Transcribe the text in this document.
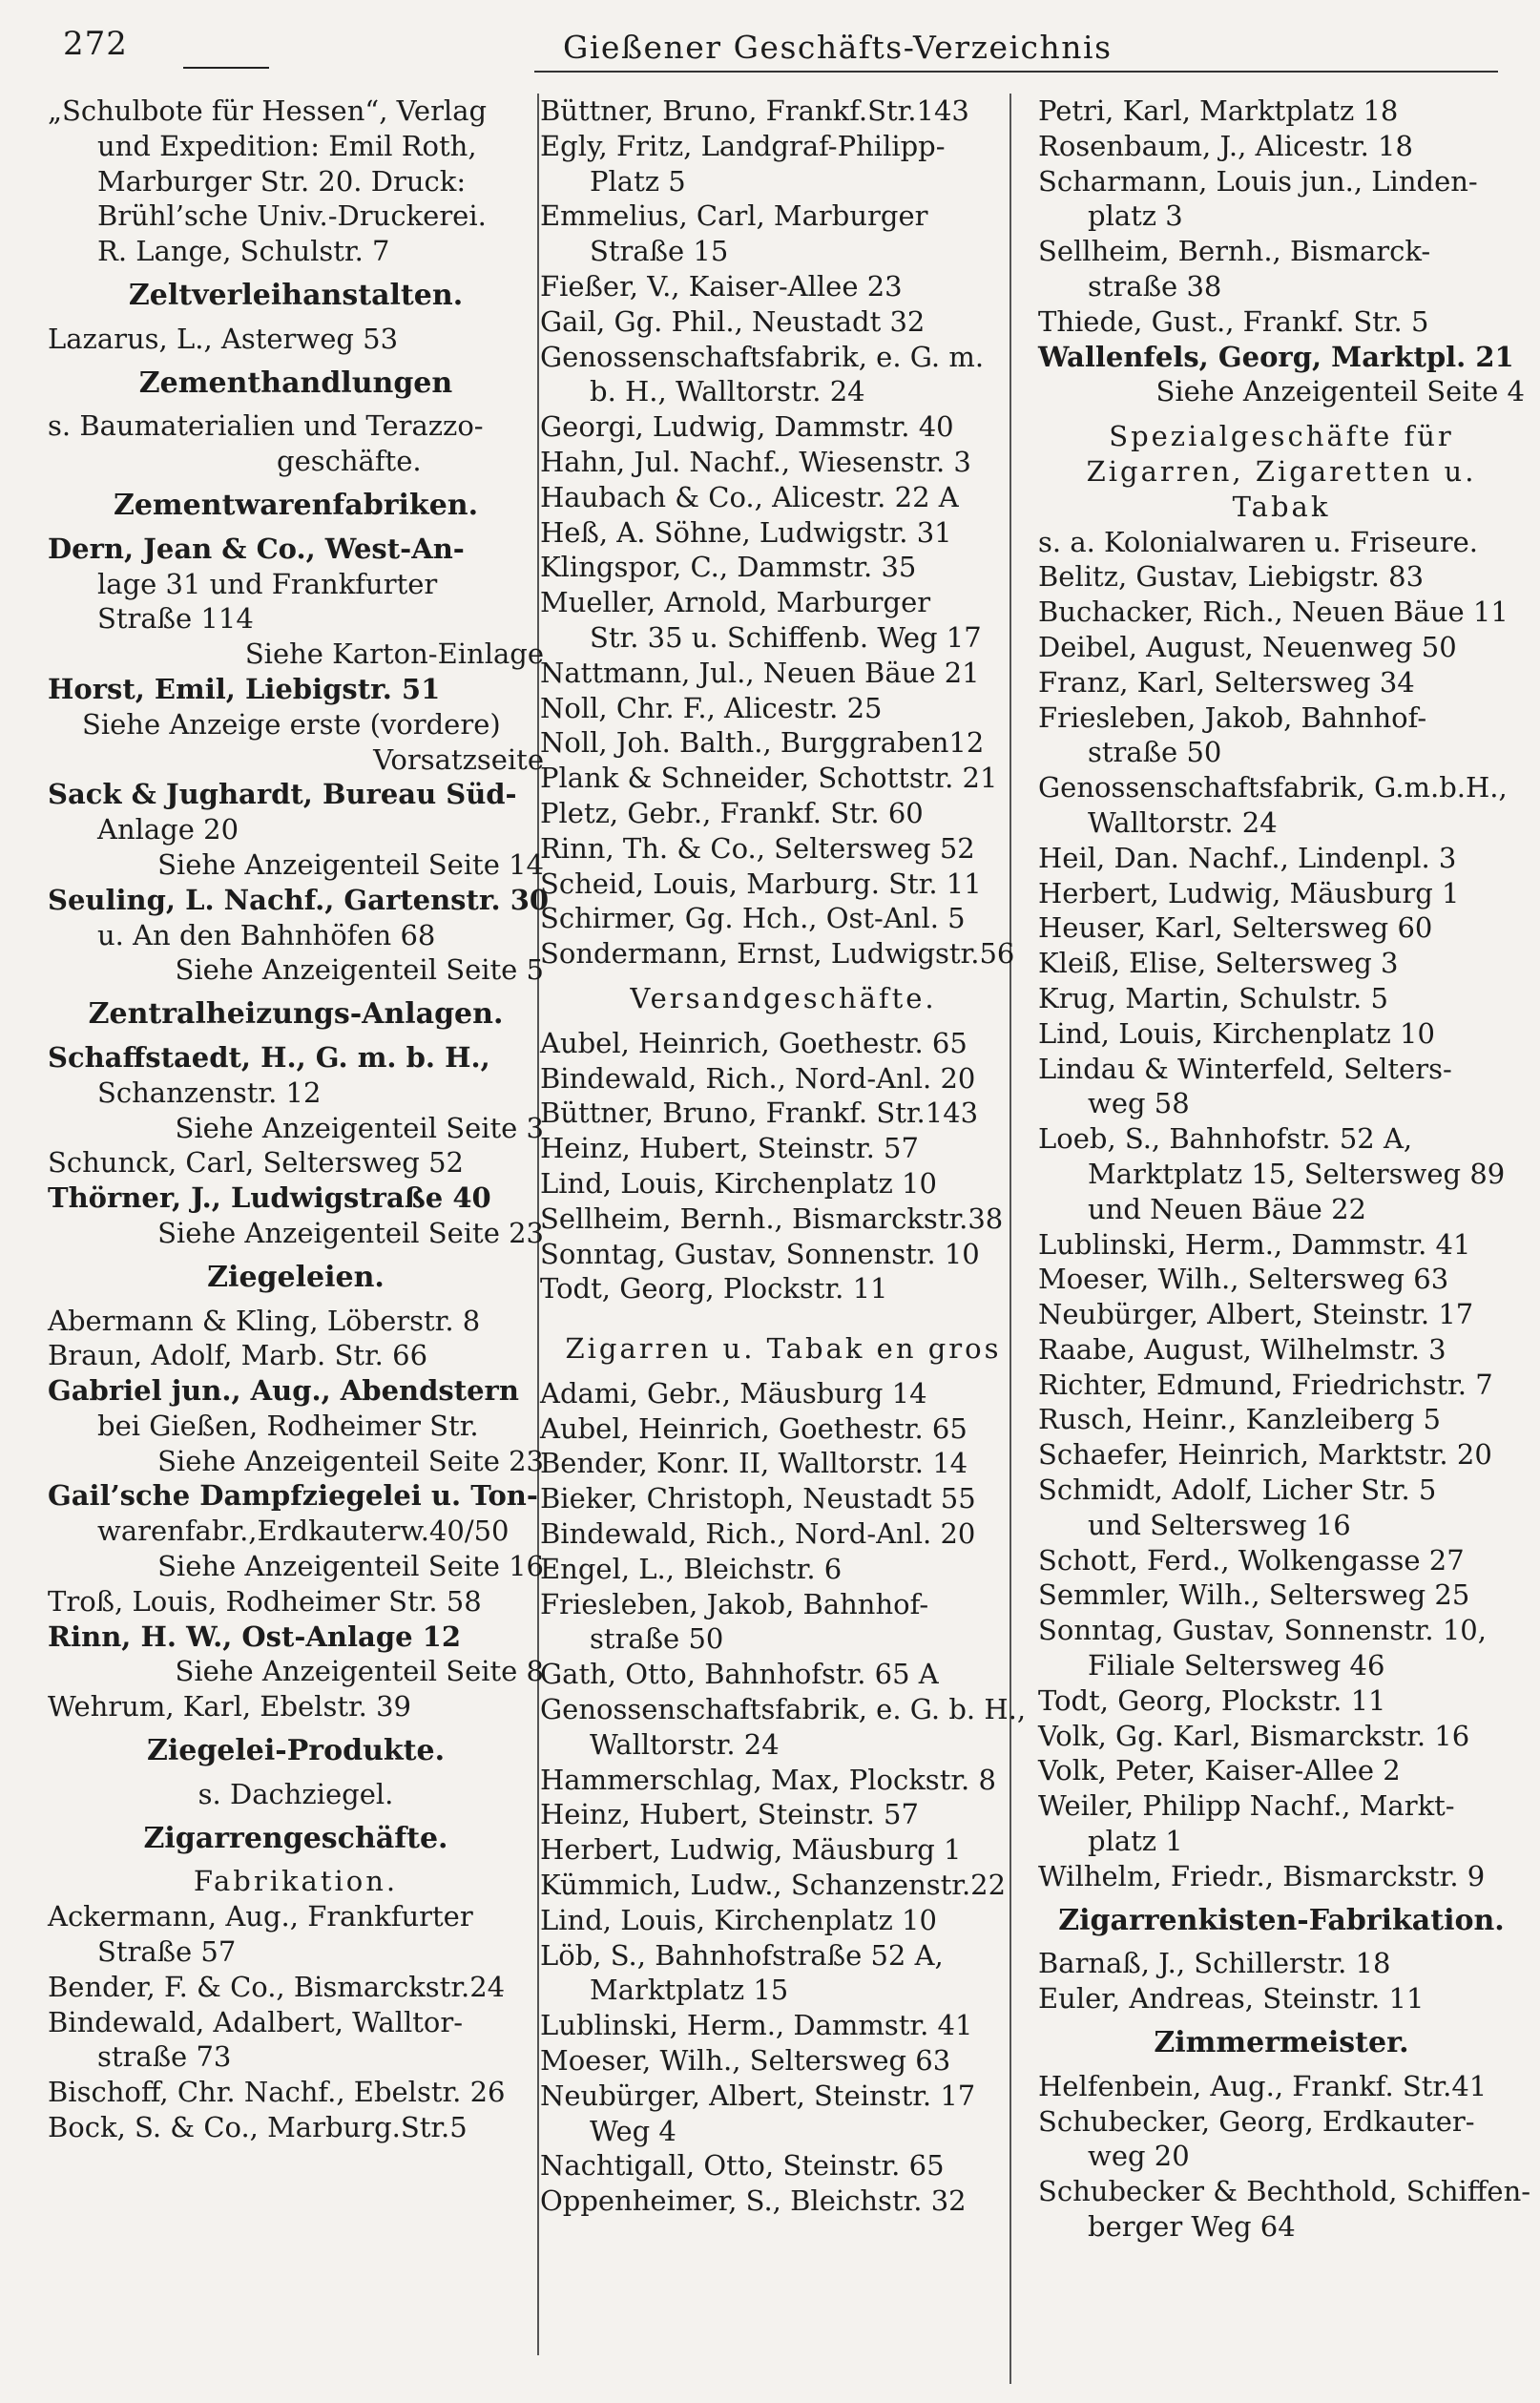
272	Gießener Geschäfts-Verzeichnis
„Schulbote für Hessen“, Verlag
und Expedition: Emil Roth,
Marburger Str. 20. Druck:
Brühl’sche Univ.-Druckerei.
R. Lange, Schulstr. 7
Zeltverleihanstalten.
Lazarus, L., Asterweg 53
Zementhandlungen
s. Baumaterialien und Terazzo-
geschäfte.
Zementwarenfabriken.
Dern, Jean & Co., West-An-
lage 31 und Frankfurter
Straße 114
Siehe Karton-Einlage
Horst, Emil, Liebigstr. 51
Siehe Anzeige erste (vordere)
Vorsatzseite
Sack & Jughardt, Bureau Süd-
Anlage 20
Siehe Anzeigenteil Seite 14
Seuling, L. Nachf., Gartenstr. 30
u. An den Bahnhöfen 68
Siehe Anzeigenteil Seite 5
Zentralheizungs-Anlagen.
Schaffstaedt, H., G. m. b. H.,
Schanzenstr. 12
Siehe Anzeigenteil Seite 3
Schunck, Carl, Seltersweg 52
Thörner, J., Ludwigstraße 40
Siehe Anzeigenteil Seite 23
Ziegeleien.
Abermann & Kling, Löberstr. 8
Braun, Adolf, Marb. Str. 66
Gabriel jun., Aug., Abendstern
bei Gießen, Rodheimer Str.
Siehe Anzeigenteil Seite 23
Gail’sche Dampfziegelei u. Ton-
warenfabr.,Erdkauterw.40/50
Siehe Anzeigenteil Seite 16
Troß, Louis, Rodheimer Str. 58
Rinn, H. W., Ost-Anlage 12
Siehe Anzeigenteil Seite 8
Wehrum, Karl, Ebelstr. 39
Ziegelei-Produkte.
s. Dachziegel.
Zigarrengeschäfte.
Fabrikation.
Ackermann, Aug., Frankfurter
Straße 57
Bender, F. & Co., Bismarckstr.24
Bindewald, Adalbert, Walltor-
straße 73
Bischoff, Chr. Nachf., Ebelstr. 26
Bock, S. & Co., Marburg.Str.5
Büttner, Bruno, Frankf.Str.143
Egly, Fritz, Landgraf-Philipp-
Platz 5
Emmelius, Carl, Marburger
Straße 15
Fießer, V., Kaiser-Allee 23
Gail, Gg. Phil., Neustadt 32
Genossenschaftsfabrik, e. G. m.
b. H., Walltorstr. 24
Georgi, Ludwig, Dammstr. 40
Hahn, Jul. Nachf., Wiesenstr. 3
Haubach & Co., Alicestr. 22 A
Heß, A. Söhne, Ludwigstr. 31
Klingspor, C., Dammstr. 35
Mueller, Arnold, Marburger
Str. 35 u. Schiffenb. Weg 17
Nattmann, Jul., Neuen Bäue 21
Noll, Chr. F., Alicestr. 25
Noll, Joh. Balth., Burggraben12
Plank & Schneider, Schottstr. 21
Pletz, Gebr., Frankf. Str. 60
Rinn, Th. & Co., Seltersweg 52
Scheid, Louis, Marburg. Str. 11
Schirmer, Gg. Hch., Ost-Anl. 5
Sondermann, Ernst, Ludwigstr.56
Versandgeschäfte.
Aubel, Heinrich, Goethestr. 65
Bindewald, Rich., Nord-Anl. 20
Büttner, Bruno, Frankf. Str.143
Heinz, Hubert, Steinstr. 57
Lind, Louis, Kirchenplatz 10
Sellheim, Bernh., Bismarckstr.38
Sonntag, Gustav, Sonnenstr. 10
Todt, Georg, Plockstr. 11
Zigarren u. Tabak en gros
Adami, Gebr., Mäusburg 14
Aubel, Heinrich, Goethestr. 65
Bender, Konr. II, Walltorstr. 14
Bieker, Christoph, Neustadt 55
Bindewald, Rich., Nord-Anl. 20
Engel, L., Bleichstr. 6
Friesleben, Jakob, Bahnhof-
straße 50
Gath, Otto, Bahnhofstr. 65 A
Genossenschaftsfabrik, e. G. b. H.,
Walltorstr. 24
Hammerschlag, Max, Plockstr. 8
Heinz, Hubert, Steinstr. 57
Herbert, Ludwig, Mäusburg 1
Kümmich, Ludw., Schanzenstr.22
Lind, Louis, Kirchenplatz 10
Löb, S., Bahnhofstraße 52 A,
Marktplatz 15
Lublinski, Herm., Dammstr. 41
Moeser, Wilh., Seltersweg 63
Neubürger, Albert, Steinstr. 17
Weg 4
Nachtigall, Otto, Steinstr. 65
Oppenheimer, S., Bleichstr. 32
Petri, Karl, Marktplatz 18
Rosenbaum, J., Alicestr. 18
Scharmann, Louis jun., Linden-
platz 3
Sellheim, Bernh., Bismarck-
straße 38
Thiede, Gust., Frankf. Str. 5
Wallenfels, Georg, Marktpl. 21
Siehe Anzeigenteil Seite 4
Spezialgeschäfte für
Zigarren, Zigaretten u.
Tabak
s. a. Kolonialwaren u. Friseure.
Belitz, Gustav, Liebigstr. 83
Buchacker, Rich., Neuen Bäue 11
Deibel, August, Neuenweg 50
Franz, Karl, Seltersweg 34
Friesleben, Jakob, Bahnhof-
straße 50
Genossenschaftsfabrik, G.m.b.H.,
Walltorstr. 24
Heil, Dan. Nachf., Lindenpl. 3
Herbert, Ludwig, Mäusburg 1
Heuser, Karl, Seltersweg 60
Kleiß, Elise, Seltersweg 3
Krug, Martin, Schulstr. 5
Lind, Louis, Kirchenplatz 10
Lindau & Winterfeld, Selters-
weg 58
Loeb, S., Bahnhofstr. 52 A,
Marktplatz 15, Seltersweg 89
und Neuen Bäue 22
Lublinski, Herm., Dammstr. 41
Moeser, Wilh., Seltersweg 63
Neubürger, Albert, Steinstr. 17
Raabe, August, Wilhelmstr. 3
Richter, Edmund, Friedrichstr. 7
Rusch, Heinr., Kanzleiberg 5
Schaefer, Heinrich, Marktstr. 20
Schmidt, Adolf, Licher Str. 5
und Seltersweg 16
Schott, Ferd., Wolkengasse 27
Semmler, Wilh., Seltersweg 25
Sonntag, Gustav, Sonnenstr. 10,
Filiale Seltersweg 46
Todt, Georg, Plockstr. 11
Volk, Gg. Karl, Bismarckstr. 16
Volk, Peter, Kaiser-Allee 2
Weiler, Philipp Nachf., Markt-
platz 1
Wilhelm, Friedr., Bismarckstr. 9
Zigarrenkisten-Fabrikation.
Barnaß, J., Schillerstr. 18
Euler, Andreas, Steinstr. 11
Zimmermeister.
Helfenbein, Aug., Frankf. Str.41
Schubecker, Georg, Erdkauter-
weg 20
Schubecker & Bechthold, Schiffen-
berger Weg 64
